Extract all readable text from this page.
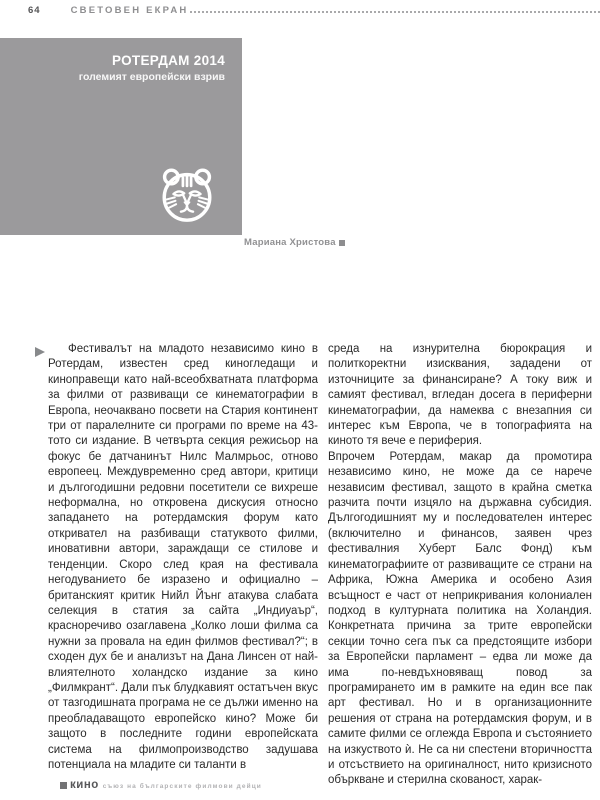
64	СВЕТОВЕН ЕКРАН
РОТЕРДАМ 2014
големият европейски взрив
Мариана Христова

Фестивалът на младото независимо кино в Ротердам, известен сред киногледащи и киноправещи като най-всеобхватната платформа за филми от развиващи се кинематографии в Европа, неочаквано посвети на Стария континент три от паралелните си програми по време на 43-тото си издание. В четвърта секция режисьор на фокус бе датчанинът Нилс Малмрьос, отново европеец. Междувременно сред автори, критици и дългогодишни редовни посетители се вихреше неформална, но откровена дискусия относно западането на ротердамския форум като откривател на разбиващи статуквото филми, иновативни автори, зараждащи се стилове и тенденции. Скоро след края на фестивала негодуванието бе изразено и официално – британският критик Нийл Йънг атакува слабата селекция в статия за сайта „Индиуаър“, красноречиво озаглавена „Колко лоши филма са нужни за провала на един филмов фестивал?“; в сходен дух бе и анализът на Дана Линсен от най-влиятелното холандско издание за кино „Филмкрант“. Дали пък блудкавият остатъчен вкус от тазгодишната програма не се дължи именно на преобладаващото европейско кино? Може би защото в последните години европейската система на филмопроизводство задушава потенциала на младите си таланти в

среда на изнурителна бюрокрация и политкоректни изисквания, зададени от източниците за финансиране? А току виж и самият фестивал, вгледан досега в периферни кинематографии, да намеква с внезапния си интерес към Европа, че в топографията на киното тя вече е периферия.

Впрочем Ротердам, макар да промотира независимо кино, не може да се нарече независим фестивал, защото в крайна сметка разчита почти изцяло на държавна субсидия. Дългогодишният му и последователен интерес (включително и финансов, заявен чрез фестивалния Хуберт Балс Фонд) към кинематографиите от развиващите се страни на Африка, Южна Америка и особено Азия всъщност е част от неприкривания колониален подход в културната политика на Холандия. Конкретната причина за трите европейски секции точно сега пък са предстоящите избори за Европейски парламент – едва ли може да има по-невдъхновяващ повод за програмирането им в рамките на един все пак арт фестивал. Но и в организационните решения от страна на ротердамския форум, и в самите филми се оглежда Европа и състоянието на изкуството ѝ. Не са ни спестени вторичността и отсъствието на оригиналност, нито кризисното объркване и стерилна скованост, харак-

кино съюз на българските филмови дейци
